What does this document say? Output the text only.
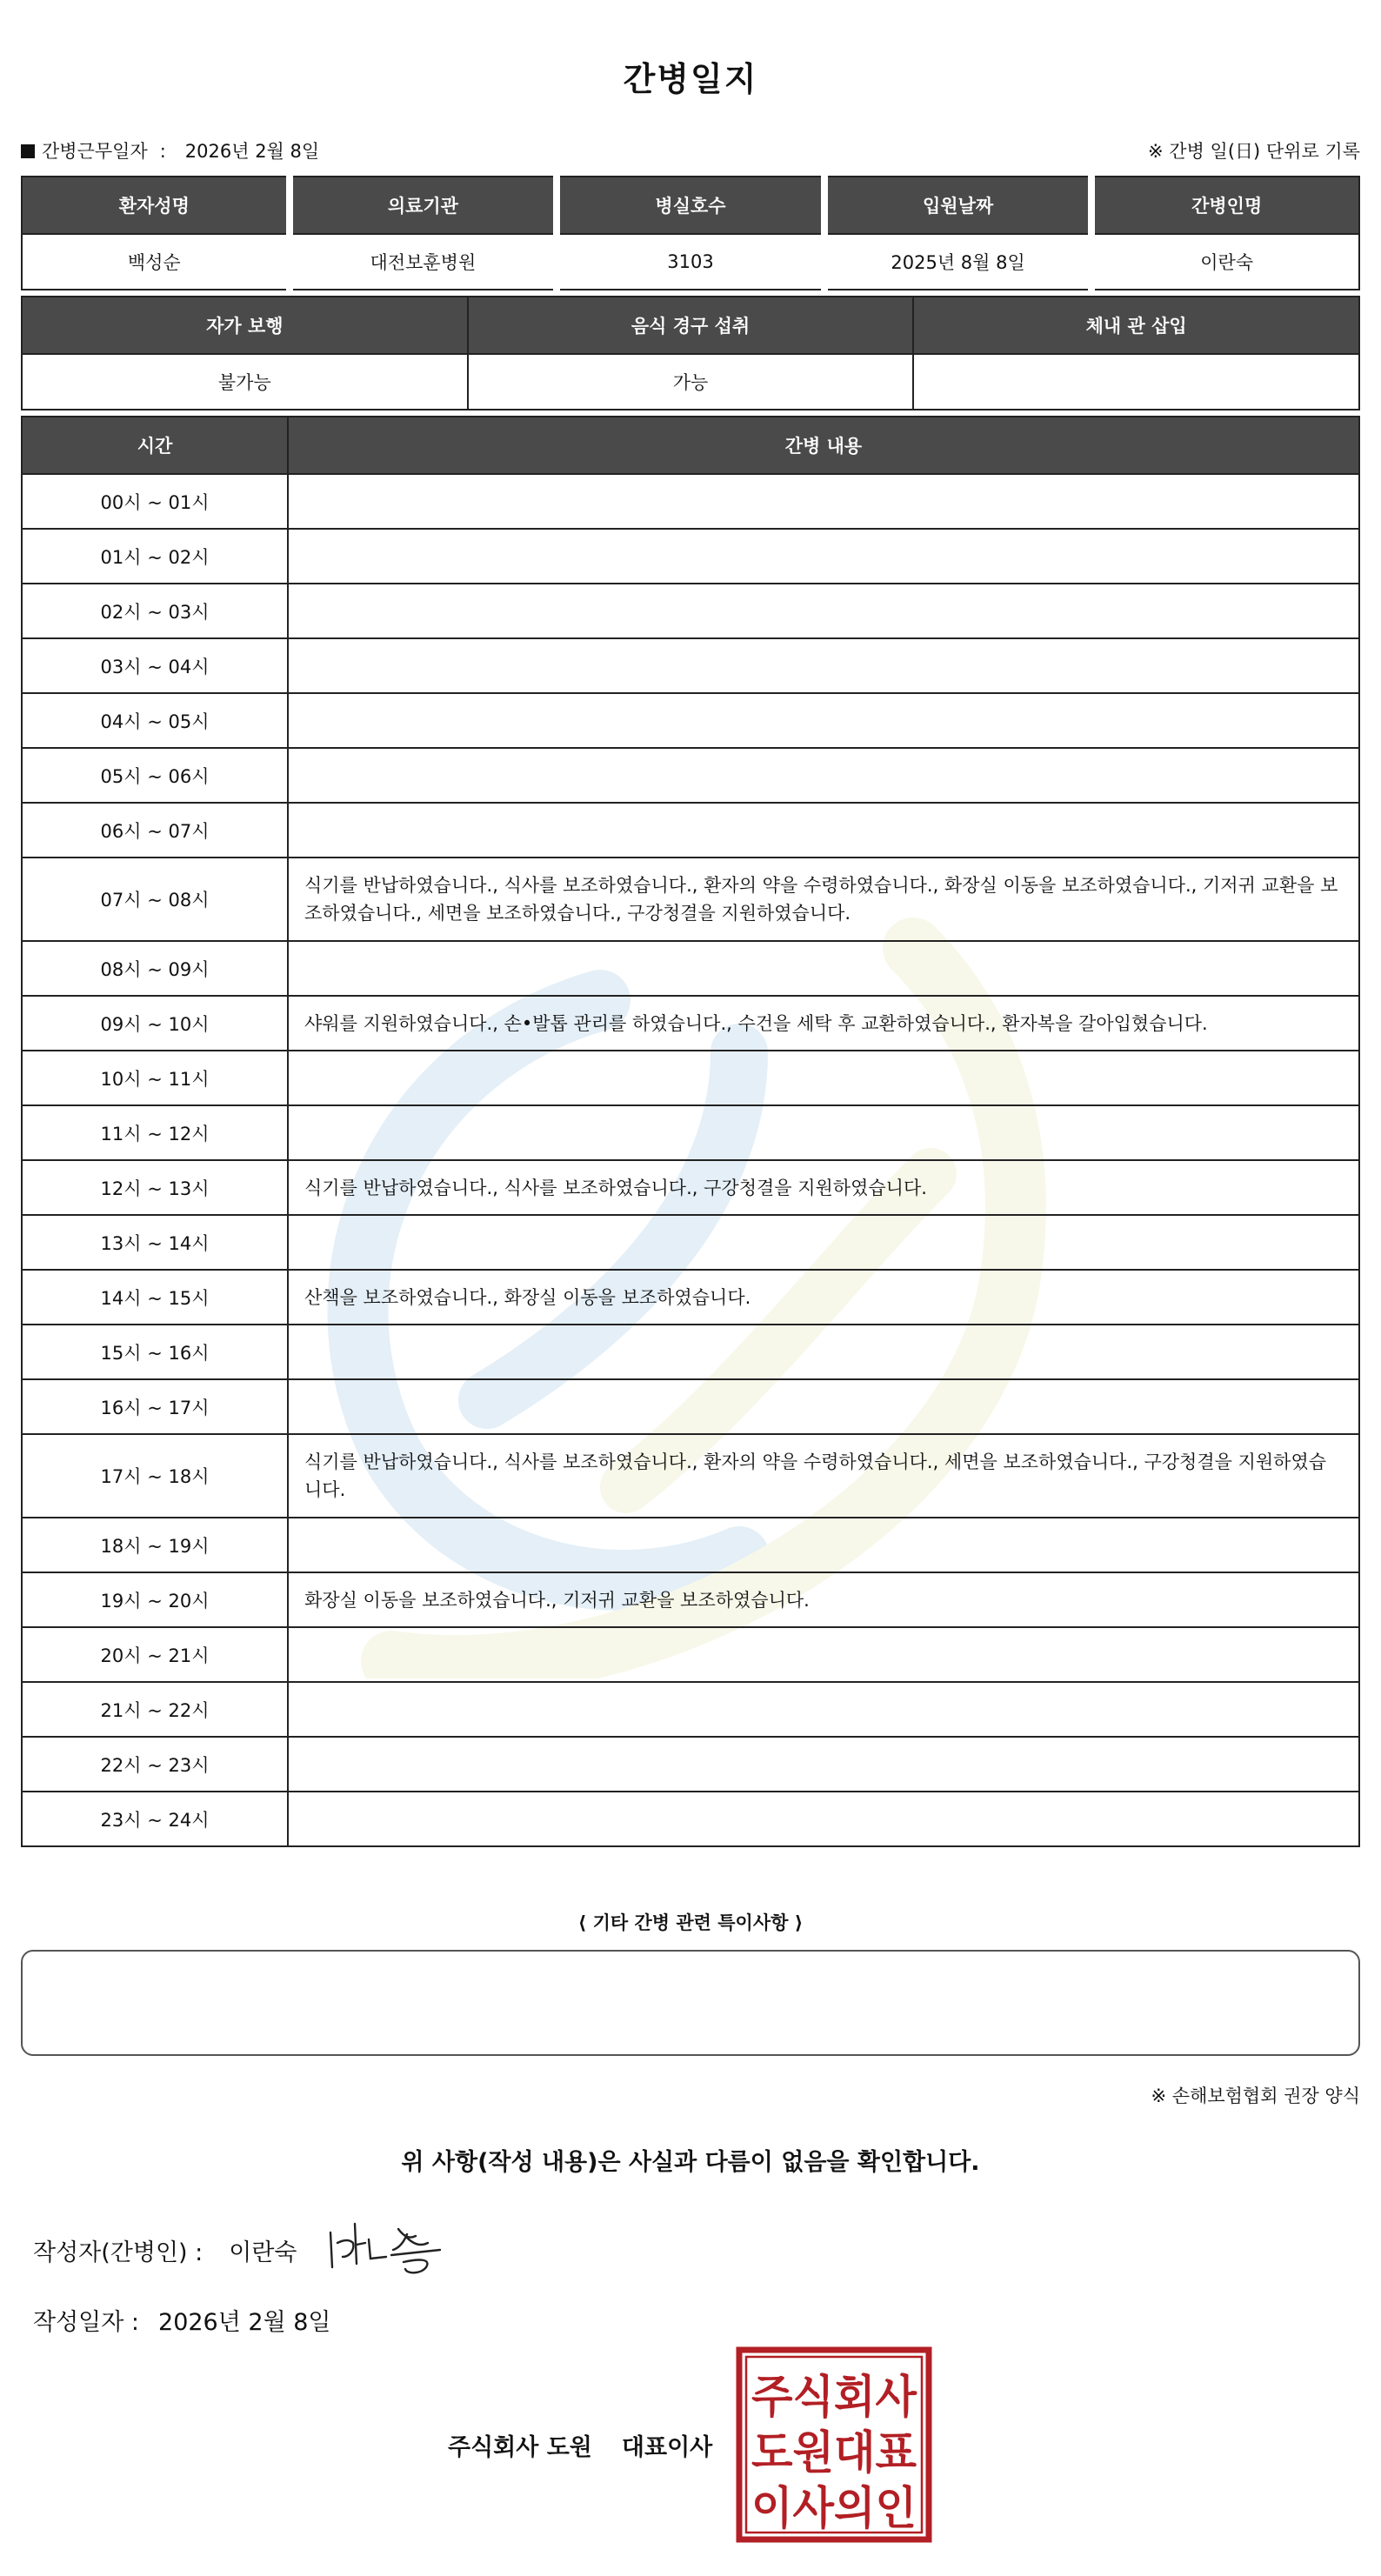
간병일지
간병근무일자 : 2026년 2월 8일	※ 간병 일(日) 단위로 기록
환자성명	의료기관	병실호수	입원날짜	간병인명
백성순	대전보훈병원	3103	2025년 8월 8일	이란숙
자가 보행	음식 경구 섭취	체내 관 삽입
불가능	가능	
시간	간병 내용
00시 ~ 01시	
01시 ~ 02시	
02시 ~ 03시	
03시 ~ 04시	
04시 ~ 05시	
05시 ~ 06시	
06시 ~ 07시	
07시 ~ 08시	식기를 반납하였습니다., 식사를 보조하였습니다., 환자의 약을 수령하였습니다., 화장실 이동을 보조하였습니다., 기저귀 교환을 보조하였습니다., 세면을 보조하였습니다., 구강청결을 지원하였습니다.
08시 ~ 09시	
09시 ~ 10시	샤워를 지원하였습니다., 손•발톱 관리를 하였습니다., 수건을 세탁 후 교환하였습니다., 환자복을 갈아입혔습니다.
10시 ~ 11시	
11시 ~ 12시	
12시 ~ 13시	식기를 반납하였습니다., 식사를 보조하였습니다., 구강청결을 지원하였습니다.
13시 ~ 14시	
14시 ~ 15시	산책을 보조하였습니다., 화장실 이동을 보조하였습니다.
15시 ~ 16시	
16시 ~ 17시	
17시 ~ 18시	식기를 반납하였습니다., 식사를 보조하였습니다., 환자의 약을 수령하였습니다., 세면을 보조하였습니다., 구강청결을 지원하였습니다.
18시 ~ 19시	
19시 ~ 20시	화장실 이동을 보조하였습니다., 기저귀 교환을 보조하였습니다.
20시 ~ 21시	
21시 ~ 22시	
22시 ~ 23시	
23시 ~ 24시	
⟨ 기타 간병 관련 특이사항 ⟩
※ 손해보험협회 권장 양식
위 사항(작성 내용)은 사실과 다름이 없음을 확인합니다.
작성자(간병인) : 이란숙
작성일자 : 2026년 2월 8일
주식회사 도원 대표이사
주식회사
도원대표
이사의인
